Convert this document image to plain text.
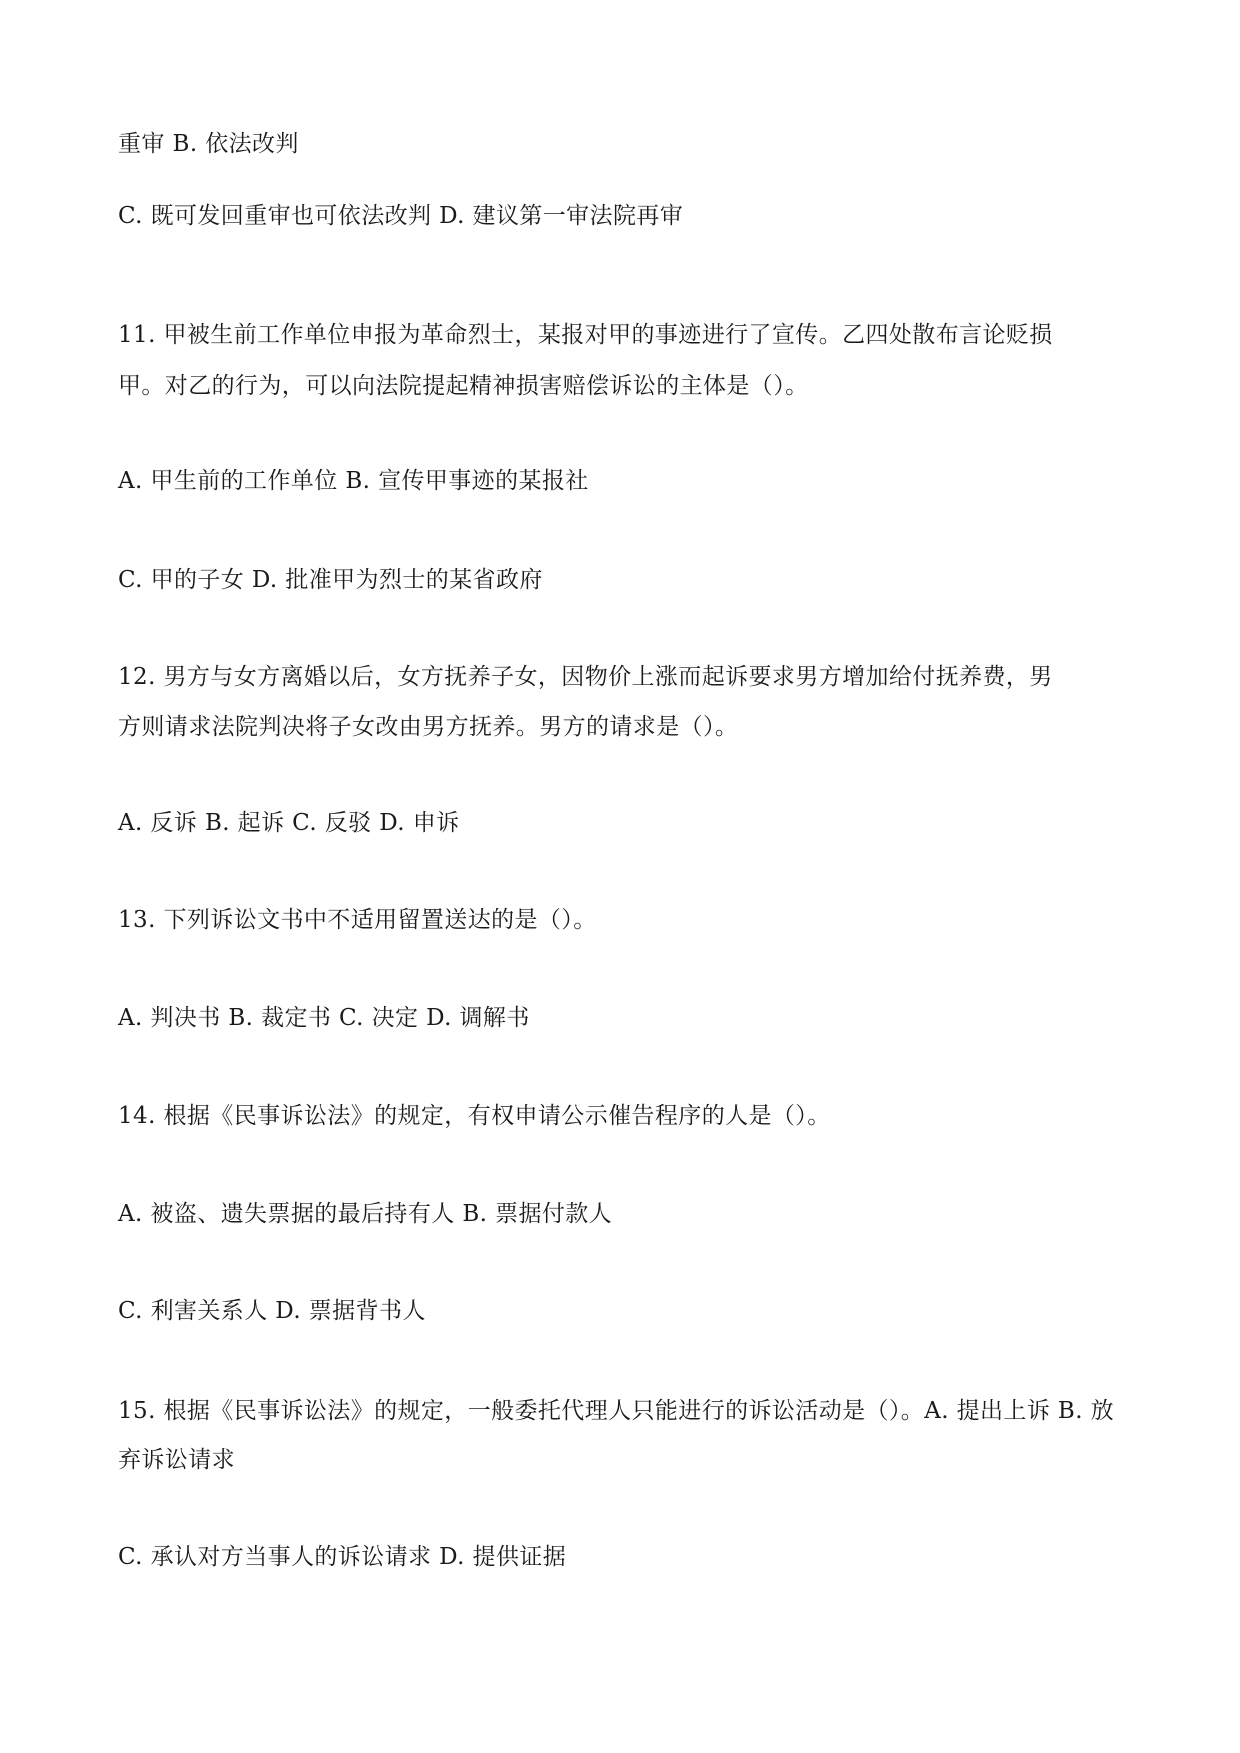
重审 B. 依法改判
C. 既可发回重审也可依法改判 D. 建议第一审法院再审
11. 甲被生前工作单位申报为革命烈士，某报对甲的事迹进行了宣传。乙四处散布言论贬损
甲。对乙的行为，可以向法院提起精神损害赔偿诉讼的主体是（）。
A. 甲生前的工作单位 B. 宣传甲事迹的某报社
C. 甲的子女 D. 批准甲为烈士的某省政府
12. 男方与女方离婚以后，女方抚养子女，因物价上涨而起诉要求男方增加给付抚养费，男
方则请求法院判决将子女改由男方抚养。男方的请求是（）。
A. 反诉 B. 起诉 C. 反驳 D. 申诉
13. 下列诉讼文书中不适用留置送达的是（）。
A. 判决书 B. 裁定书 C. 决定 D. 调解书
14. 根据《民事诉讼法》的规定，有权申请公示催告程序的人是（）。
A. 被盗、遗失票据的最后持有人 B. 票据付款人
C. 利害关系人 D. 票据背书人
15. 根据《民事诉讼法》的规定，一般委托代理人只能进行的诉讼活动是（）。A. 提出上诉 B. 放
弃诉讼请求
C. 承认对方当事人的诉讼请求 D. 提供证据
